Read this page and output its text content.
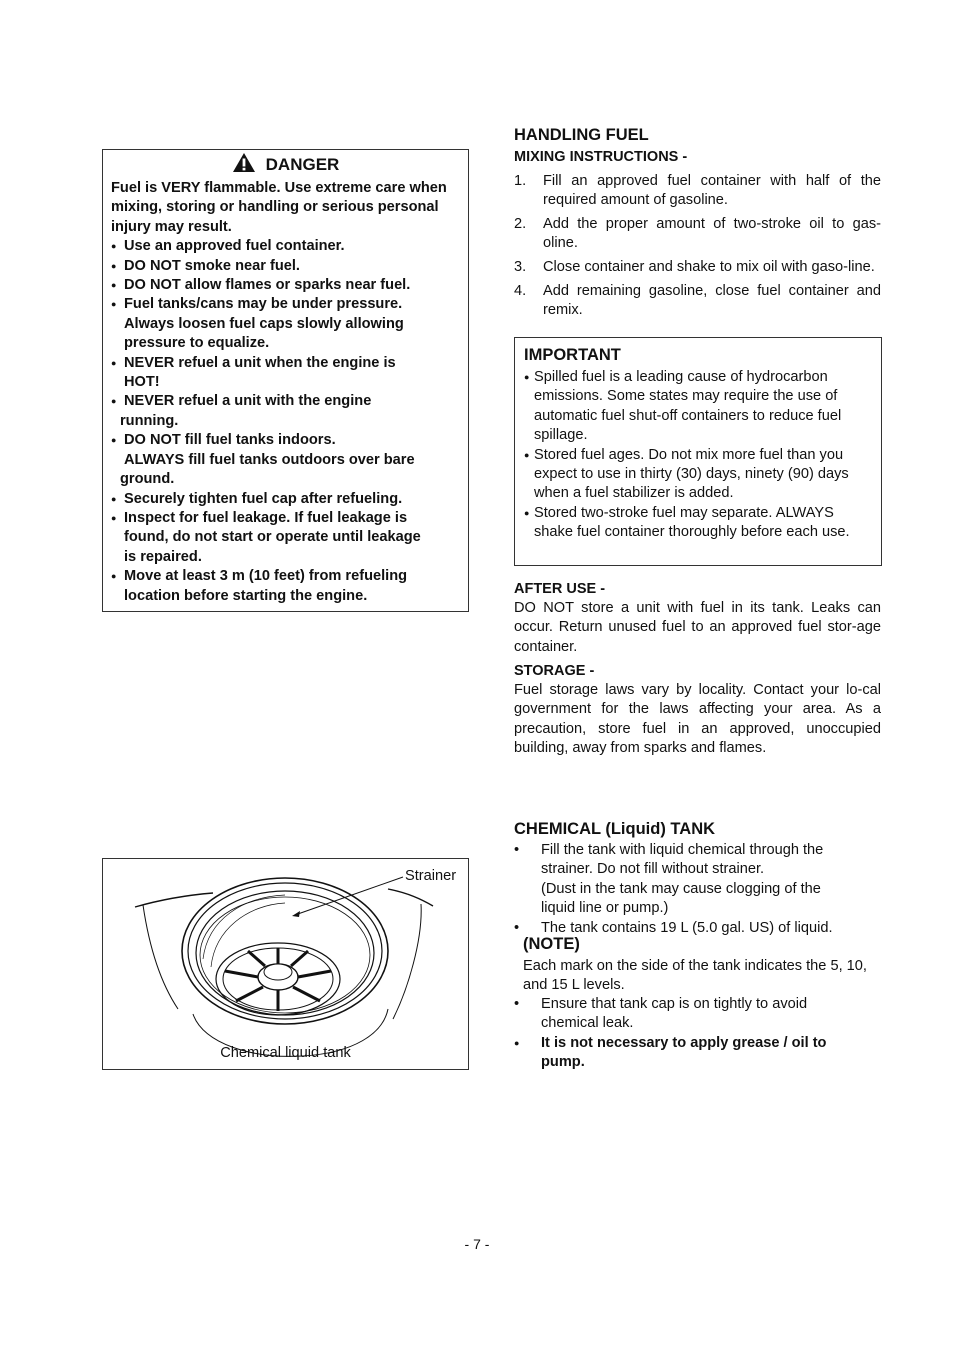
DANGER

Fuel is VERY flammable. Use extreme care when mixing, storing or handling or serious personal injury may result.

● Use an approved fuel container.
● DO NOT smoke near fuel.
● DO NOT allow flames or sparks near fuel.
● Fuel tanks/cans may be under pressure.
Always loosen fuel caps slowly allowing
pressure to equalize.
● NEVER refuel a unit when the engine is
HOT!
● NEVER refuel a unit with the engine
running.
● DO NOT fill fuel tanks indoors.
ALWAYS fill fuel tanks outdoors over bare
ground.
● Securely tighten fuel cap after refueling.
● Inspect for fuel leakage. If fuel leakage is
found, do not start or operate until leakage
is repaired.
● Move at least 3 m (10 feet) from refueling
location before starting the engine.
HANDLING FUEL
MIXING INSTRUCTIONS -
1. Fill an approved fuel container with half of the required amount of gasoline.
2. Add the proper amount of two-stroke oil to gas-oline.
3. Close container and shake to mix oil with gaso-line.
4. Add remaining gasoline, close fuel container and remix.
IMPORTANT
● Spilled fuel is a leading cause of hydrocarbon emissions. Some states may require the use of automatic fuel shut-off containers to reduce fuel spillage.
● Stored fuel ages. Do not mix more fuel than you expect to use in thirty (30) days, ninety (90) days when a fuel stabilizer is added.
● Stored two-stroke fuel may separate. ALWAYS shake fuel container thoroughly before each use.
AFTER USE -
DO NOT store a unit with fuel in its tank. Leaks can occur. Return unused fuel to an approved fuel stor-age container.
STORAGE -
Fuel storage laws vary by locality. Contact your lo-cal government for the laws affecting your area. As a precaution, store fuel in an approved, unoccupied building, away from sparks and flames.
CHEMICAL (Liquid) TANK
• Fill the tank with liquid chemical through the
strainer. Do not fill without strainer.
(Dust in the tank may cause clogging of the
liquid line or pump.)
• The tank contains 19 L (5.0 gal. US) of liquid.
(NOTE)
Each mark on the side of the tank indicates the 5, 10, and 15 L levels.
• Ensure that tank cap is on tightly to avoid
chemical leak.
● It is not necessary to apply grease / oil to
pump.
Strainer
Chemical liquid tank
- 7 -
